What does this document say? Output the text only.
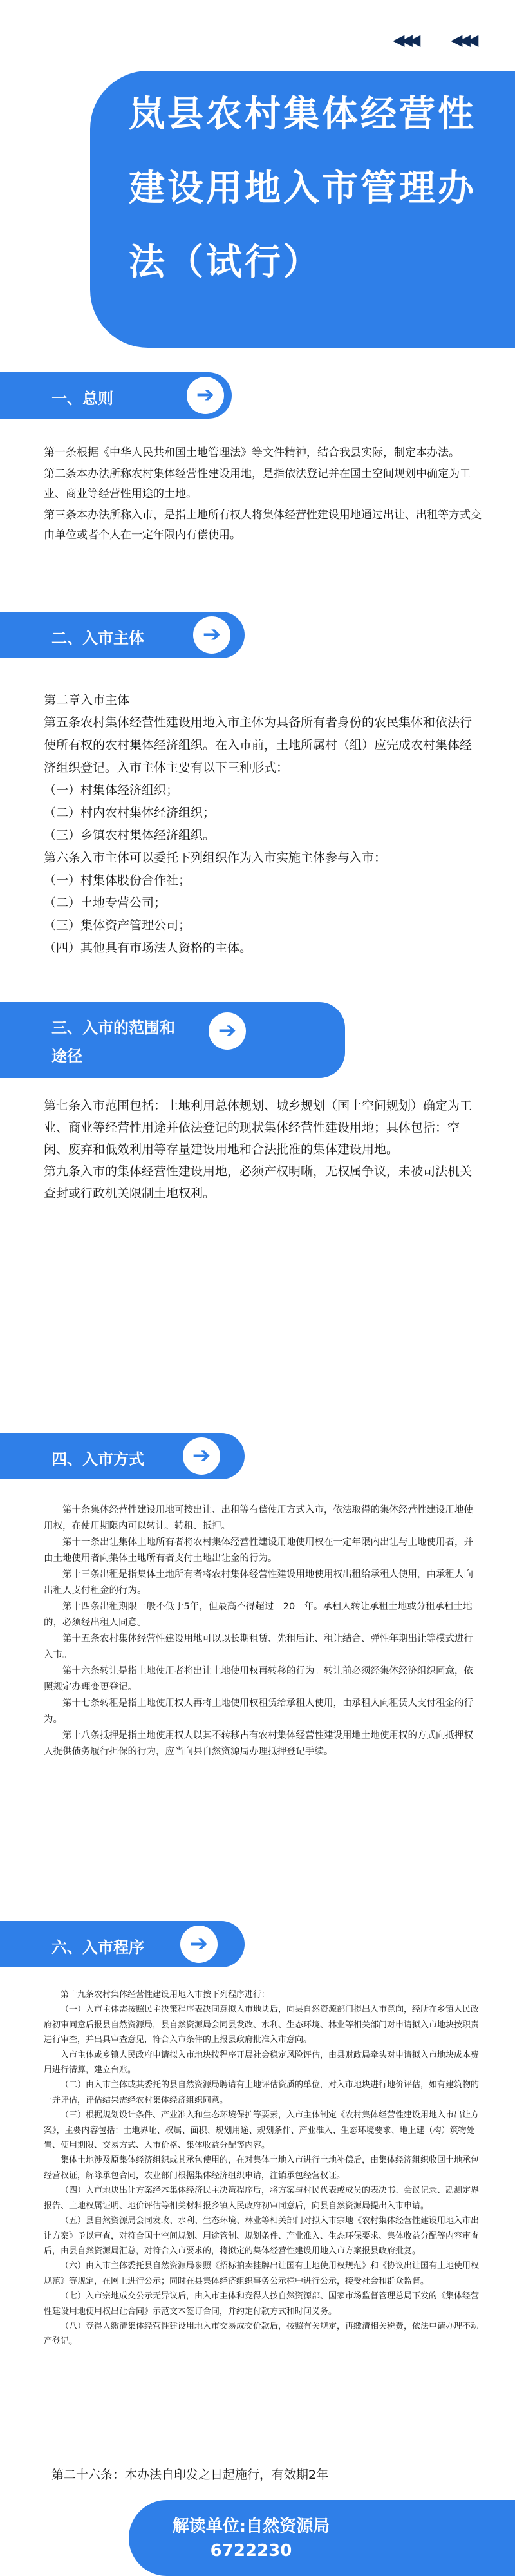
◀◀◀ ◀◀◀
岚县农村集体经营性建设用地入市管理办法（试行）
一、总则	➔

第一条根据《中华人民共和国土地管理法》等文件精神，结合我县实际，制定本办法。

第二条本办法所称农村集体经营性建设用地，是指依法登记并在国土空间规划中确定为工业、商业等经营性用途的土地。

第三条本办法所称入市，是指土地所有权人将集体经营性建设用地通过出让、出租等方式交由单位或者个人在一定年限内有偿使用。

二、入市主体	➔

第二章入市主体

第五条农村集体经营性建设用地入市主体为具备所有者身份的农民集体和依法行使所有权的农村集体经济组织。在入市前，土地所属村（组）应完成农村集体经济组织登记。入市主体主要有以下三种形式：

（一）村集体经济组织；

（二）村内农村集体经济组织；

（三）乡镇农村集体经济组织。

第六条入市主体可以委托下列组织作为入市实施主体参与入市：

（一）村集体股份合作社；

（二）土地专营公司；

（三）集体资产管理公司；

（四）其他具有市场法人资格的主体。

三、入市的范围和途径
➔

第七条入市范围包括：土地利用总体规划、城乡规划（国土空间规划）确定为工业、商业等经营性用途并依法登记的现状集体经营性建设用地；具体包括：空闲、废弃和低效利用等存量建设用地和合法批准的集体建设用地。

第九条入市的集体经营性建设用地，必须产权明晰，无权属争议，未被司法机关查封或行政机关限制土地权利。

四、入市方式	➔

第十条集体经营性建设用地可按出让、出租等有偿使用方式入市，依法取得的集体经营性建设用地使用权，在使用期限内可以转让、转租、抵押。

第十一条出让集体土地所有者将农村集体经营性建设用地使用权在一定年限内出让与土地使用者，并由土地使用者向集体土地所有者支付土地出让金的行为。

第十三条出租是指集体土地所有者将农村集体经营性建设用地使用权出租给承租人使用，由承租人向出租人支付租金的行为。

第十四条出租期限一般不低于5年，但最高不得超过　20　年。承租人转让承租土地或分租承租土地的，必须经出租人同意。

第十五条农村集体经营性建设用地可以以长期租赁、先租后让、租让结合、弹性年期出让等模式进行入市。

第十六条转让是指土地使用者将出让土地使用权再转移的行为。转让前必须经集体经济组织同意，依照规定办理变更登记。

第十七条转租是指土地使用权人再将土地使用权租赁给承租人使用，由承租人向租赁人支付租金的行为。

第十八条抵押是指土地使用权人以其不转移占有农村集体经营性建设用地土地使用权的方式向抵押权人提供债务履行担保的行为，应当向县自然资源局办理抵押登记手续。

六、入市程序	➔

第十九条农村集体经营性建设用地入市按下列程序进行：

（一）入市主体需按照民主决策程序表决同意拟入市地块后，向县自然资源部门提出入市意向，经所在乡镇人民政府初审同意后报县自然资源局，县自然资源局会同县发改、水利、生态环境、林业等相关部门对申请拟入市地块按职责进行审查，并出具审查意见，符合入市条件的上报县政府批准入市意向。

入市主体或乡镇人民政府申请拟入市地块按程序开展社会稳定风险评估，由县财政局牵头对申请拟入市地块成本费用进行清算，建立台账。

（二）由入市主体或其委托的县自然资源局聘请有土地评估资质的单位，对入市地块进行地价评估，如有建筑物的一并评估，评估结果需经农村集体经济组织同意。

（三）根据规划设计条件、产业准入和生态环境保护等要素，入市主体制定《农村集体经营性建设用地入市出让方案》，主要内容包括：土地界址、权属、面积、规划用途、规划条件、产业准入、生态环境要求、地上建（构）筑物处置、使用期限、交易方式、入市价格、集体收益分配等内容。

集体土地涉及原集体经济组织或其承包使用的，在对集体土地入市进行土地补偿后，由集体经济组织收回土地承包经营权证，解除承包合同，农业部门根据集体经济组织申请，注销承包经营权证。

（四）入市地块出让方案经本集体经济民主决策程序后，将方案与村民代表或成员的表决书、会议记录、勘测定界报告、土地权属证明、地价评估等相关材料报乡镇人民政府初审同意后，向县自然资源局提出入市申请。

（五）县自然资源局会同发改、水利、生态环境、林业等相关部门对拟入市宗地《农村集体经营性建设用地入市出让方案》予以审查，对符合国土空间规划、用途管制、规划条件、产业准入、生态环保要求、集体收益分配等内容审查后，由县自然资源局汇总，对符合入市要求的，将拟定的集体经营性建设用地入市方案报县政府批复。

（六）由入市主体委托县自然资源局参照《招标拍卖挂牌出让国有土地使用权规范》和《协议出让国有土地使用权规范》等规定，在网上进行公示；同时在县集体经济组织事务公示栏中进行公示，接受社会和群众监督。

（七）入市宗地成交公示无异议后，由入市主体和竞得人按自然资源部、国家市场监督管理总局下发的《集体经营性建设用地使用权出让合同》示范文本签订合同，并约定付款方式和时间义务。

（八）竞得人缴清集体经营性建设用地入市交易成交价款后，按照有关规定，再缴清相关税费，依法申请办理不动产登记。

第二十六条：本办法自印发之日起施行，有效期2年
解读单位:自然资源局
6722230
